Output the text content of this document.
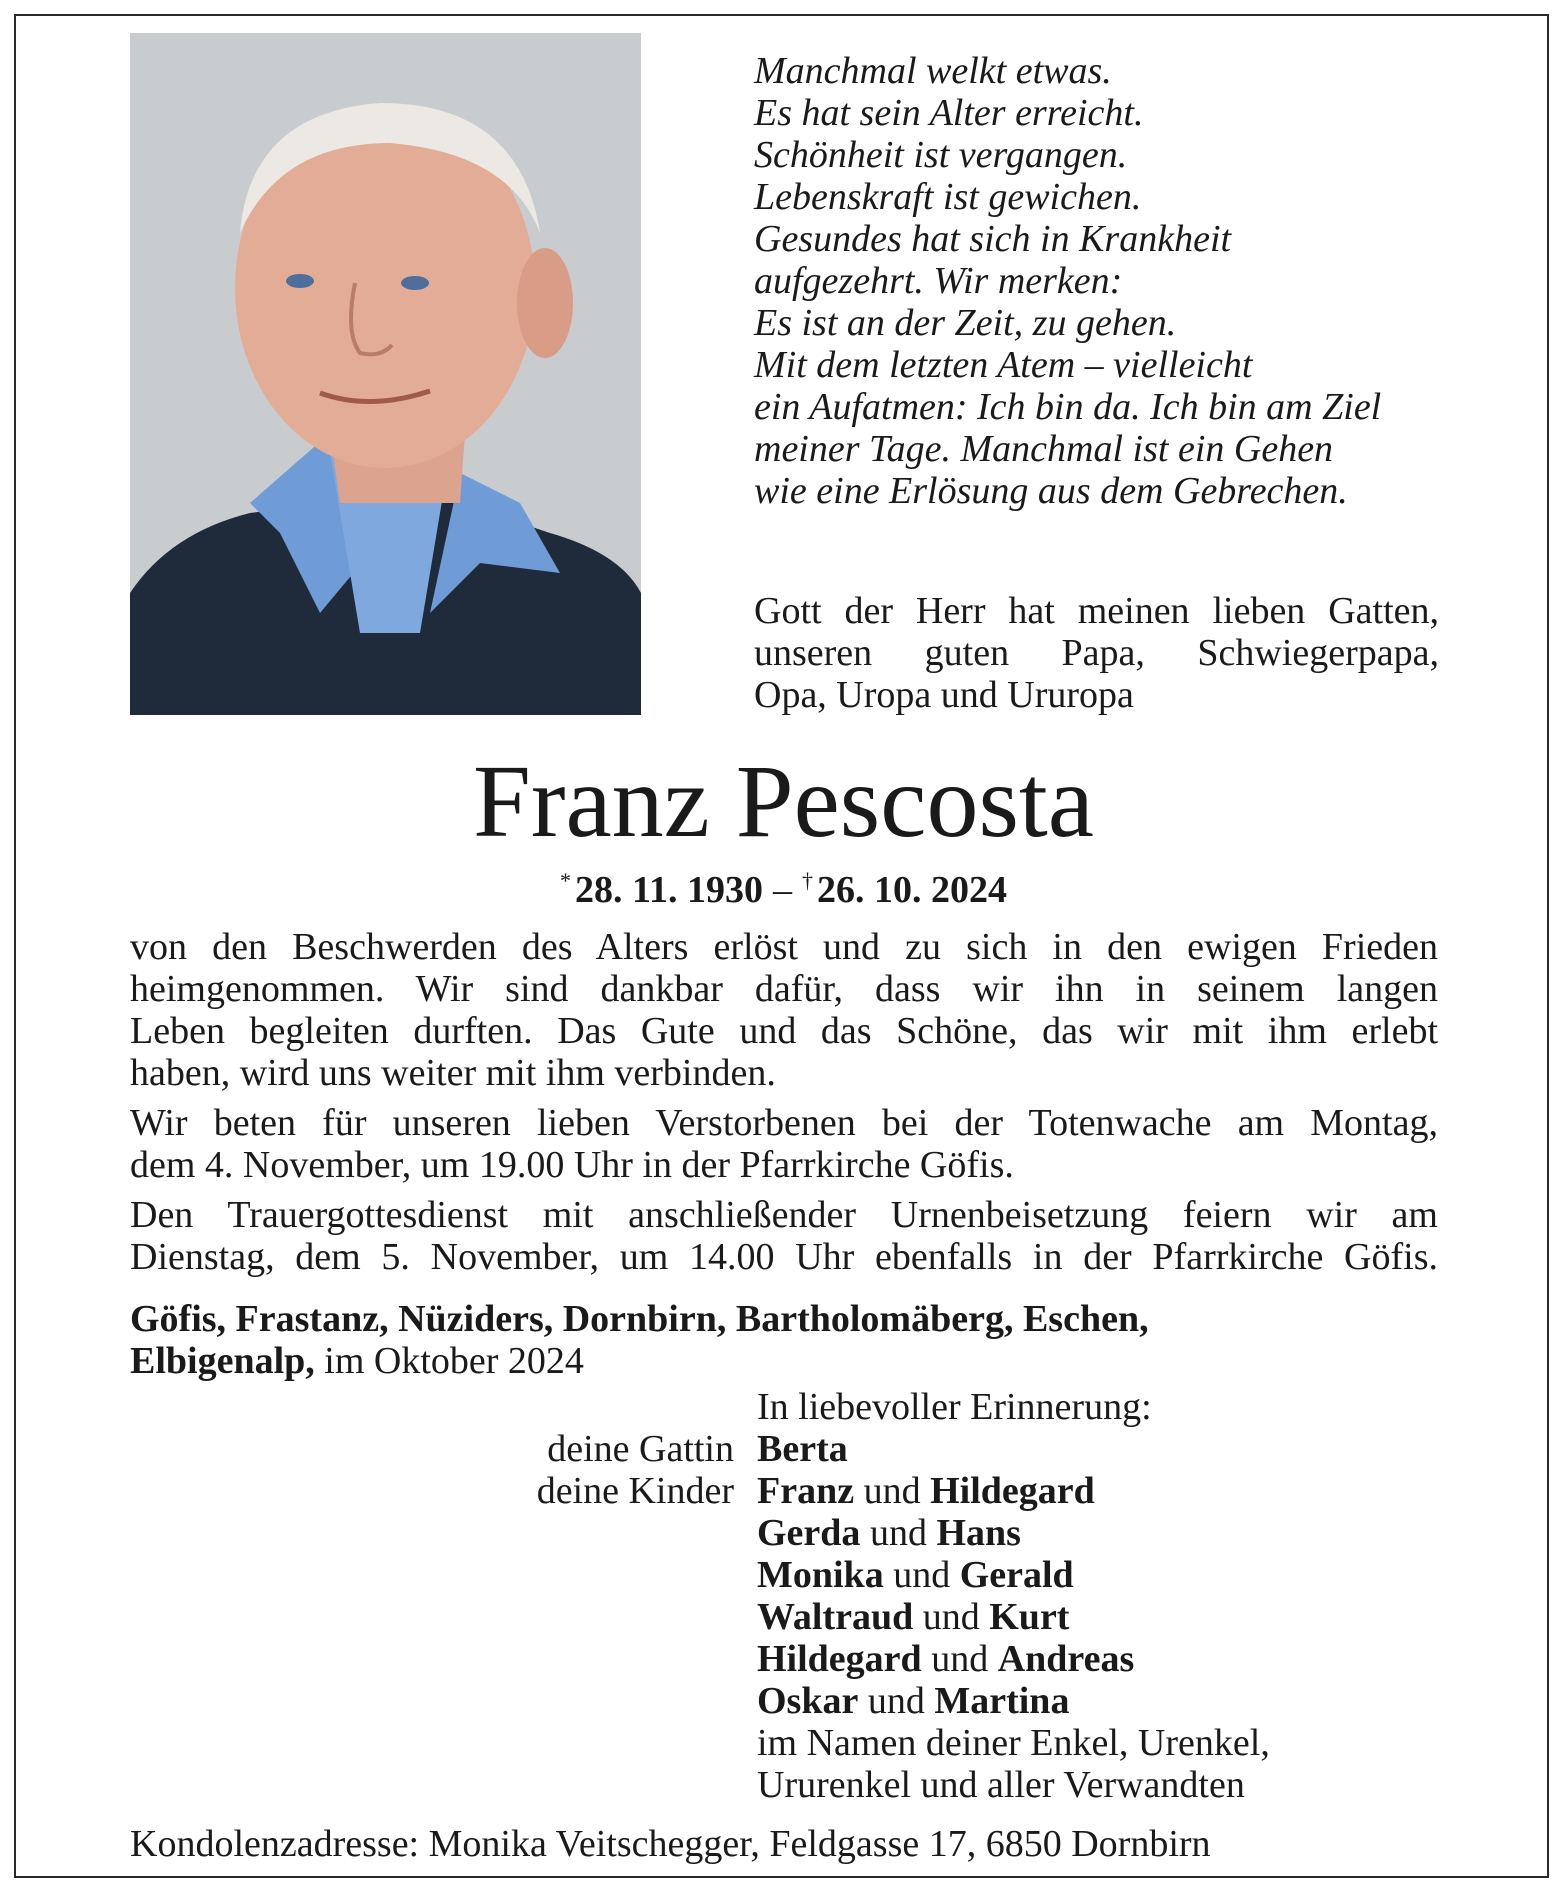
Manchmal welkt etwas.
Es hat sein Alter erreicht.
Schönheit ist vergangen.
Lebenskraft ist gewichen.
Gesundes hat sich in Krankheit
aufgezehrt. Wir merken:
Es ist an der Zeit, zu gehen.
Mit dem letzten Atem – vielleicht
ein Aufatmen: Ich bin da. Ich bin am Ziel
meiner Tage. Manchmal ist ein Gehen
wie eine Erlösung aus dem Gebrechen.
Gott der Herr hat meinen lieben Gatten,
unseren guten Papa, Schwiegerpapa,
Opa, Uropa und Ururopa
Franz Pescosta
* 28. 11. 1930 – † 26. 10. 2024
von den Beschwerden des Alters erlöst und zu sich in den ewigen Frieden
heimgenommen. Wir sind dankbar dafür, dass wir ihn in seinem langen
Leben begleiten durften. Das Gute und das Schöne, das wir mit ihm erlebt
haben, wird uns weiter mit ihm verbinden.
Wir beten für unseren lieben Verstorbenen bei der Totenwache am Montag,
dem 4. November, um 19.00 Uhr in der Pfarrkirche Göfis.
Den Trauergottesdienst mit anschließender Urnenbeisetzung feiern wir am
Dienstag, dem 5. November, um 14.00 Uhr ebenfalls in der Pfarrkirche Göfis.
Göfis, Frastanz, Nüziders, Dornbirn, Bartholomäberg, Eschen,
Elbigenalp, im Oktober 2024
In liebevoller Erinnerung:
deine Gattin Berta
deine Kinder Franz und Hildegard
Gerda und Hans
Monika und Gerald
Waltraud und Kurt
Hildegard und Andreas
Oskar und Martina
im Namen deiner Enkel, Urenkel,
Ururenkel und aller Verwandten
Kondolenzadresse: Monika Veitschegger, Feldgasse 17, 6850 Dornbirn
